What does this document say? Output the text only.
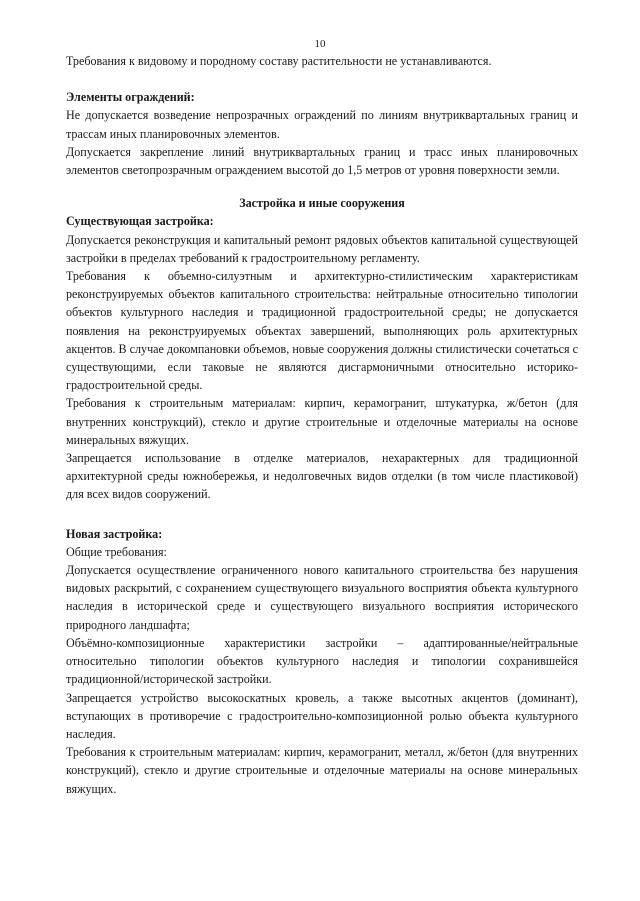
10

Требования к видовому и породному составу растительности не устанавливаются.

Элементы ограждений:

Не допускается возведение непрозрачных ограждений по линиям внутриквартальных границ и трассам иных планировочных элементов.

Допускается закрепление линий внутриквартальных границ и трасс иных планировочных элементов светопрозрачным ограждением высотой до 1,5 метров от уровня поверхности земли.

Застройка и иные сооружения

Существующая застройка:

Допускается реконструкция и капитальный ремонт рядовых объектов капитальной существующей застройки в пределах требований к градостроительному регламенту.

Требования к объемно-силуэтным и архитектурно-стилистическим характеристикам реконструируемых объектов капитального строительства: нейтральные относительно типологии объектов культурного наследия и традиционной градостроительной среды; не допускается появления на реконструируемых объектах завершений, выполняющих роль архитектурных акцентов. В случае докомпановки объемов, новые сооружения должны стилистически сочетаться с существующими, если таковые не являются дисгармоничными относительно историко-градостроительной среды.

Требования к строительным материалам: кирпич, керамогранит, штукатурка, ж/бетон (для внутренних конструкций), стекло и другие строительные и отделочные материалы на основе минеральных вяжущих.

Запрещается использование в отделке материалов, нехарактерных для традиционной архитектурной среды южнобережья, и недолговечных видов отделки (в том числе пластиковой) для всех видов сооружений.

Новая застройка:

Общие требования:

Допускается осуществление ограниченного нового капитального строительства без нарушения видовых раскрытий, с сохранением существующего визуального восприятия объекта культурного наследия в исторической среде и существующего визуального восприятия исторического природного ландшафта;

Объёмно-композиционные характеристики застройки – адаптированные/нейтральные относительно типологии объектов культурного наследия и типологии сохранившейся традиционной/исторической застройки.

Запрещается устройство высокоскатных кровель, а также высотных акцентов (доминант), вступающих в противоречие с градостроительно-композиционной ролью объекта культурного наследия.

Требования к строительным материалам: кирпич, керамогранит, металл, ж/бетон (для внутренних конструкций), стекло и другие строительные и отделочные материалы на основе минеральных вяжущих.
